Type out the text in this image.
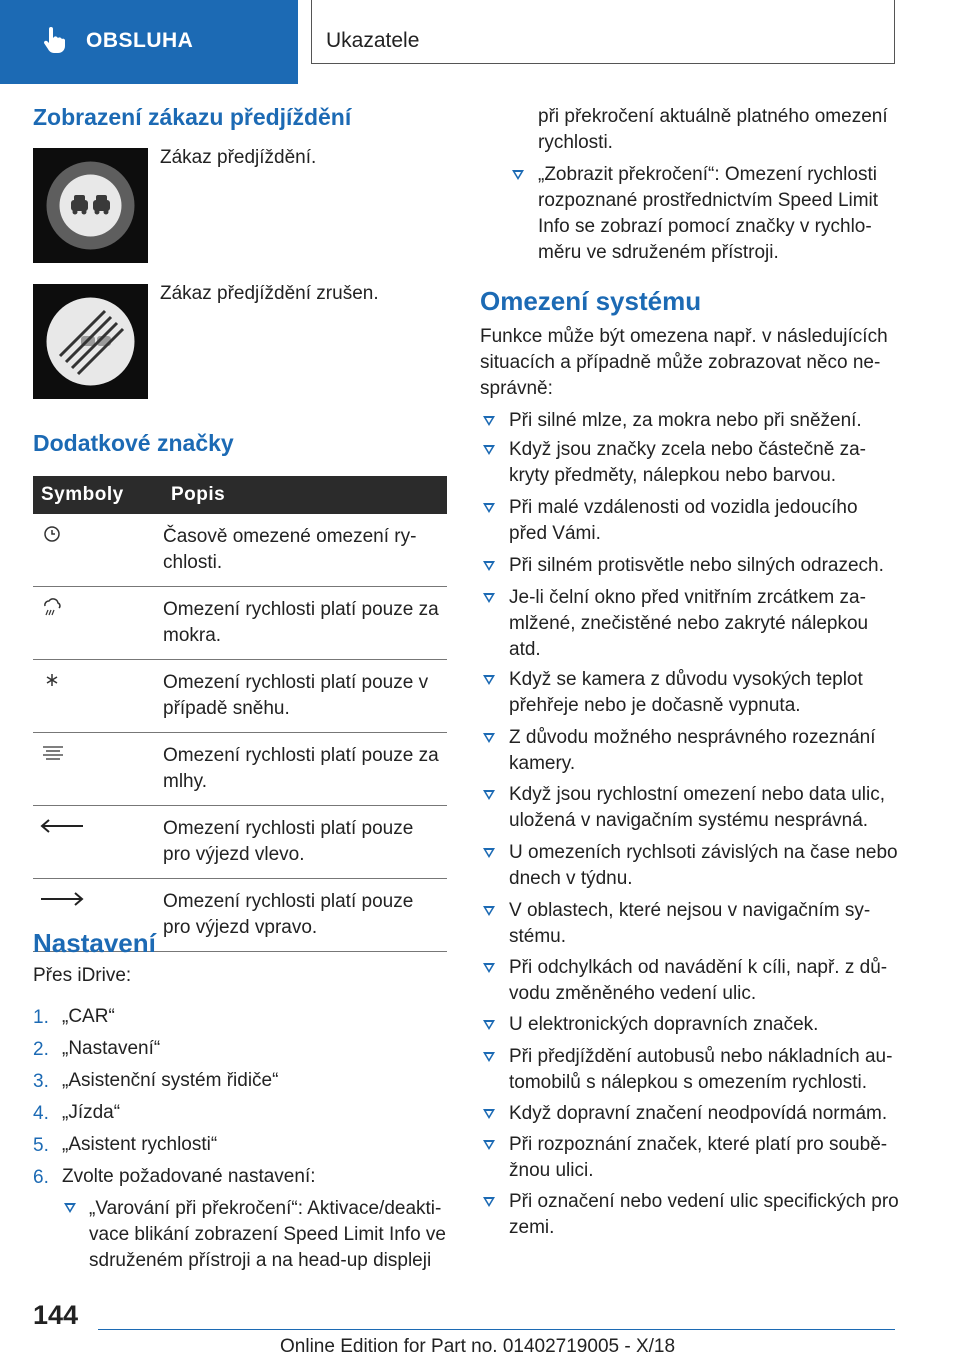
OBSLUHA	Ukazatele
Zobrazení zákazu předjíždění

Zákaz předjíždění.

Zákaz předjíždění zrušen.

Dodatkové značky
Symboly	Popis
	Časově omezené omezení rychlosti.
	Omezení rychlosti platí pouze za mokra.
	Omezení rychlosti platí pouze v případě sněhu.
	Omezení rychlosti platí pouze za mlhy.
	Omezení rychlosti platí pouze pro výjezd vlevo.
	Omezení rychlosti platí pouze pro výjezd vpravo.
Nastavení

Přes iDrive:

1. „CAR“
2. „Nastavení“
3. „Asistenční systém řidiče“
4. „Jízda“
5. „Asistent rychlosti“
6. Zvolte požadované nastavení:
„Varování při překročení“: Aktivace/deaktivace blikání zobrazení Speed Limit Info ve sdruženém přístroji a na head-up displeji
při překročení aktuálně platného omezení rychlosti.
„Zobrazit překročení“: Omezení rychlosti rozpoznané prostřednictvím Speed Limit Info se zobrazí pomocí značky v rychloměru ve sdruženém přístroji.
Omezení systému
Funkce může být omezena např. v následujících situacích a případně může zobrazovat něco nesprávně:
Při silné mlze, za mokra nebo při sněžení.
Když jsou značky zcela nebo částečně zakryty předměty, nálepkou nebo barvou.
Při malé vzdálenosti od vozidla jedoucího před Vámi.
Při silném protisvětle nebo silných odrazech.
Je-li čelní okno před vnitřním zrcátkem zamlžené, znečistěné nebo zakryté nálepkou atd.
Když se kamera z důvodu vysokých teplot přehřeje nebo je dočasně vypnuta.
Z důvodu možného nesprávného rozeznání kamery.
Když jsou rychlostní omezení nebo data ulic, uložená v navigačním systému nesprávná.
U omezeních rychlsoti závislých na čase nebo dnech v týdnu.
V oblastech, které nejsou v navigačním systému.
Při odchylkách od navádění k cíli, např. z důvodu změněného vedení ulic.
U elektronických dopravních značek.
Při předjíždění autobusů nebo nákladních automobilů s nálepkou s omezením rychlosti.
Když dopravní značení neodpovídá normám.
Při rozpoznání značek, které platí pro souběžnou ulici.
Při označení nebo vedení ulic specifických pro zemi.
144
Online Edition for Part no. 01402719005 - X/18
